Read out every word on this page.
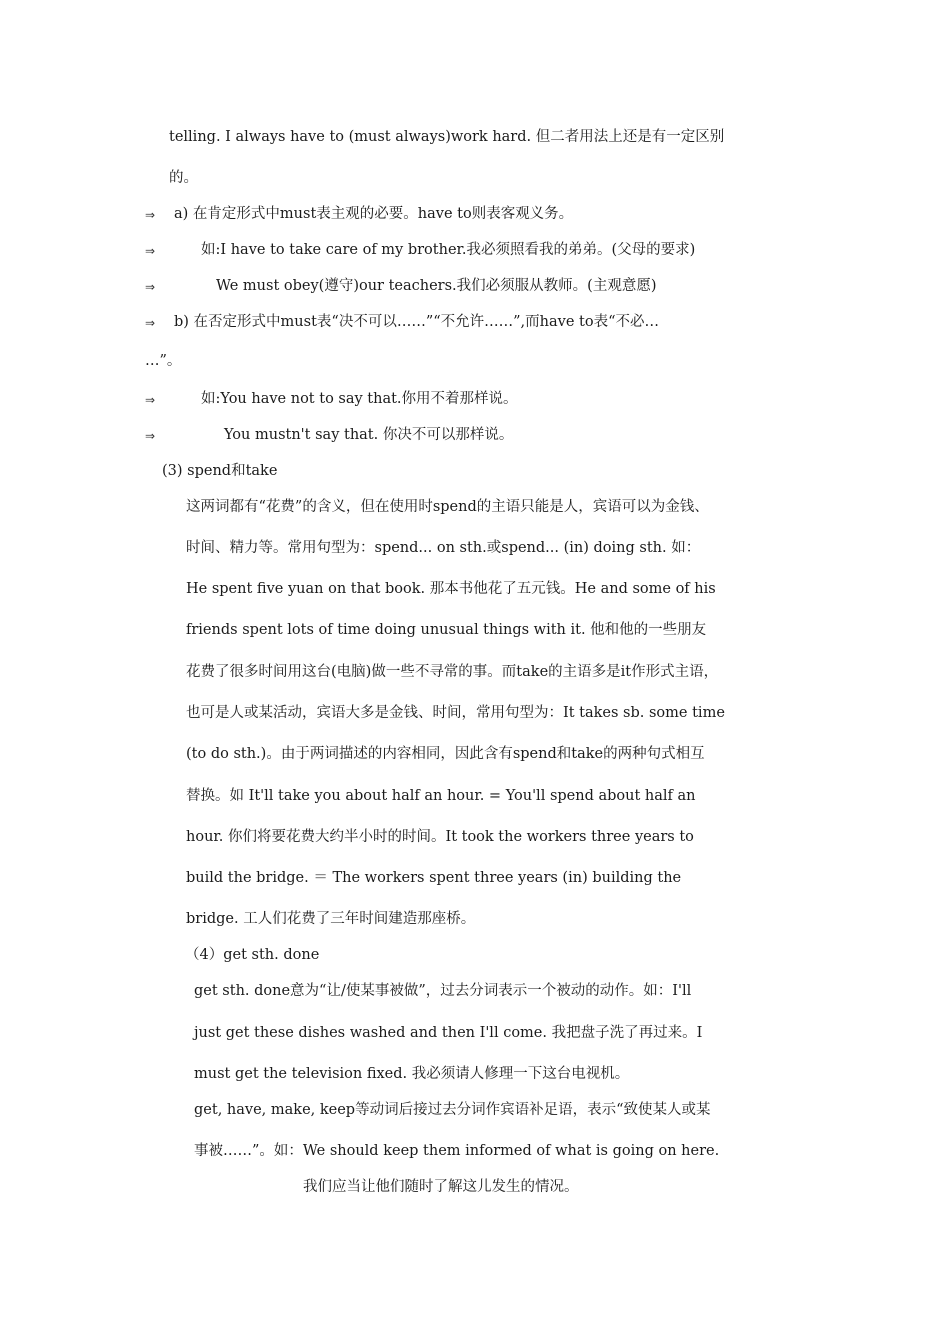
telling. I always have to (must always)work hard. 但二者用法上还是有一定区别
的。
⇒ a) 在肯定形式中must表主观的必要。have to则表客观义务。
⇒	如:I have to take care of my brother.我必须照看我的弟弟。(父母的要求)
⇒	We must obey(遵守)our teachers.我们必须服从教师。(主观意愿)
⇒ b) 在否定形式中must表“决不可以……”“不允许……”,而have to表“不必…
…”。
⇒	如:You have not to say that.你用不着那样说。
⇒	You mustn't say that. 你决不可以那样说。
(3) spend和take
这两词都有“花费”的含义，但在使用时spend的主语只能是人，宾语可以为金钱、
时间、精力等。常用句型为：spend... on sth.或spend... (in) doing sth. 如：
He spent five yuan on that book. 那本书他花了五元钱。He and some of his
friends spent lots of time doing unusual things with it. 他和他的一些朋友
花费了很多时间用这台(电脑)做一些不寻常的事。而take的主语多是it作形式主语，
也可是人或某活动，宾语大多是金钱、时间，常用句型为：It takes sb. some time
(to do sth.)。由于两词描述的内容相同，因此含有spend和take的两种句式相互
替换。如 It'll take you about half an hour. = You'll spend about half an
hour. 你们将要花费大约半小时的时间。It took the workers three years to
build the bridge. ＝ The workers spent three years (in) building the
bridge. 工人们花费了三年时间建造那座桥。
（4）get sth. done
get sth. done意为“让/使某事被做”，过去分词表示一个被动的动作。如：I'll
just get these dishes washed and then I'll come. 我把盘子洗了再过来。I
must get the television fixed. 我必须请人修理一下这台电视机。
get, have, make, keep等动词后接过去分词作宾语补足语，表示“致使某人或某
事被……”。如：We should keep them informed of what is going on here.
我们应当让他们随时了解这儿发生的情况。
